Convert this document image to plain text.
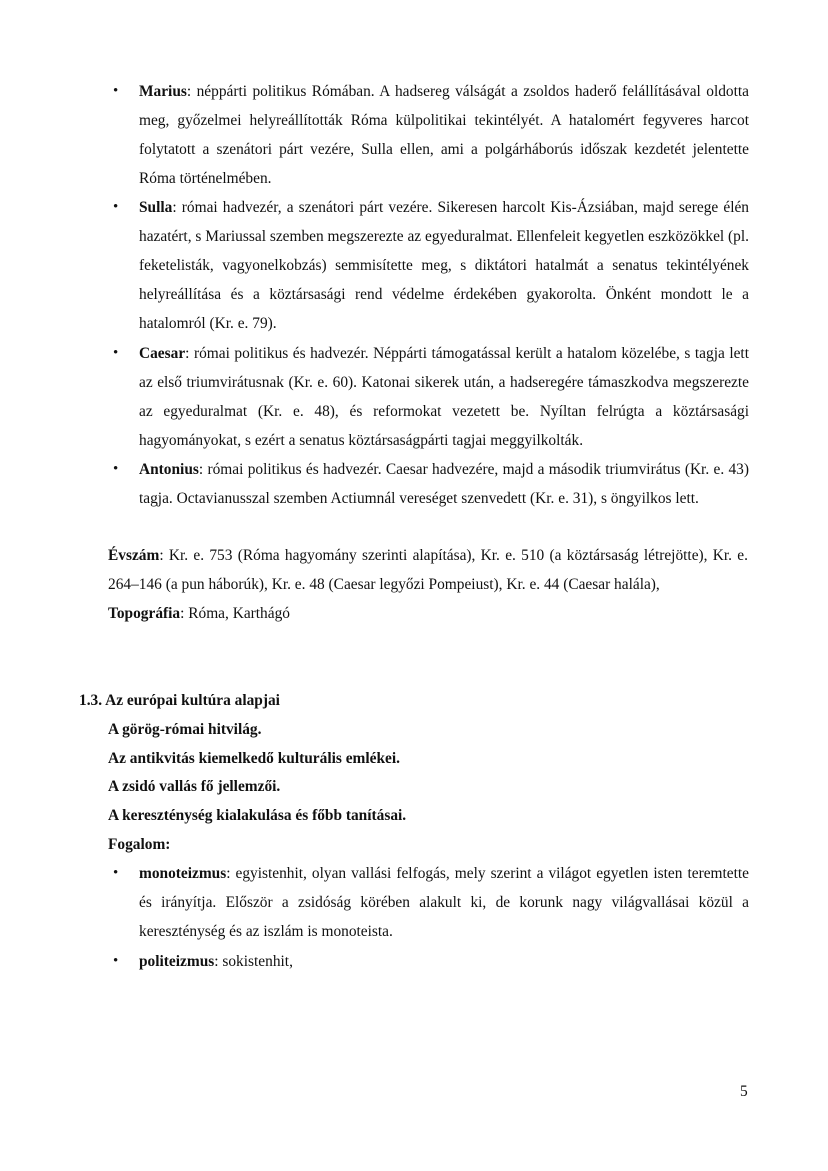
• Marius: néppárti politikus Rómában. A hadsereg válságát a zsoldos haderő felállításával oldotta meg, győzelmei helyreállították Róma külpolitikai tekintélyét. A hatalomért fegyveres harcot folytatott a szenátori párt vezére, Sulla ellen, ami a polgárháborús időszak kezdetét jelentette Róma történelmében.
• Sulla: római hadvezér, a szenátori párt vezére. Sikeresen harcolt Kis-Ázsiában, majd serege élén hazatért, s Mariussal szemben megszerezte az egyeduralmat. Ellenfeleit kegyetlen eszközökkel (pl. feketelisták, vagyonelkobzás) semmisítette meg, s diktátori hatalmát a senatus tekintélyének helyreállítása és a köztársasági rend védelme érdekében gyakorolta. Önként mondott le a hatalomról (Kr. e. 79).
• Caesar: római politikus és hadvezér. Néppárti támogatással került a hatalom közelébe, s tagja lett az első triumvirátusnak (Kr. e. 60). Katonai sikerek után, a hadseregére támaszkodva megszerezte az egyeduralmat (Kr. e. 48), és reformokat vezetett be. Nyíltan felrúgta a köztársasági hagyományokat, s ezért a senatus köztársaságpárti tagjai meggyilkolták.
• Antonius: római politikus és hadvezér. Caesar hadvezére, majd a második triumvirátus (Kr. e. 43) tagja. Octavianusszal szemben Actiumnál vereséget szenvedett (Kr. e. 31), s öngyilkos lett.
Évszám: Kr. e. 753 (Róma hagyomány szerinti alapítása), Kr. e. 510 (a köztársaság létrejötte), Kr. e. 264–146 (a pun háborúk), Kr. e. 48 (Caesar legyőzi Pompeiust), Kr. e. 44 (Caesar halála),
Topográfia: Róma, Karthágó
1.3. Az európai kultúra alapjai
A görög-római hitvilág.
Az antikvitás kiemelkedő kulturális emlékei.
A zsidó vallás fő jellemzői.
A kereszténység kialakulása és főbb tanításai.
Fogalom:
• monoteizmus: egyistenhit, olyan vallási felfogás, mely szerint a világot egyetlen isten teremtette és irányítja. Először a zsidóság körében alakult ki, de korunk nagy világvallásai közül a kereszténység és az iszlám is monoteista.
• politeizmus: sokistenhit,
5
